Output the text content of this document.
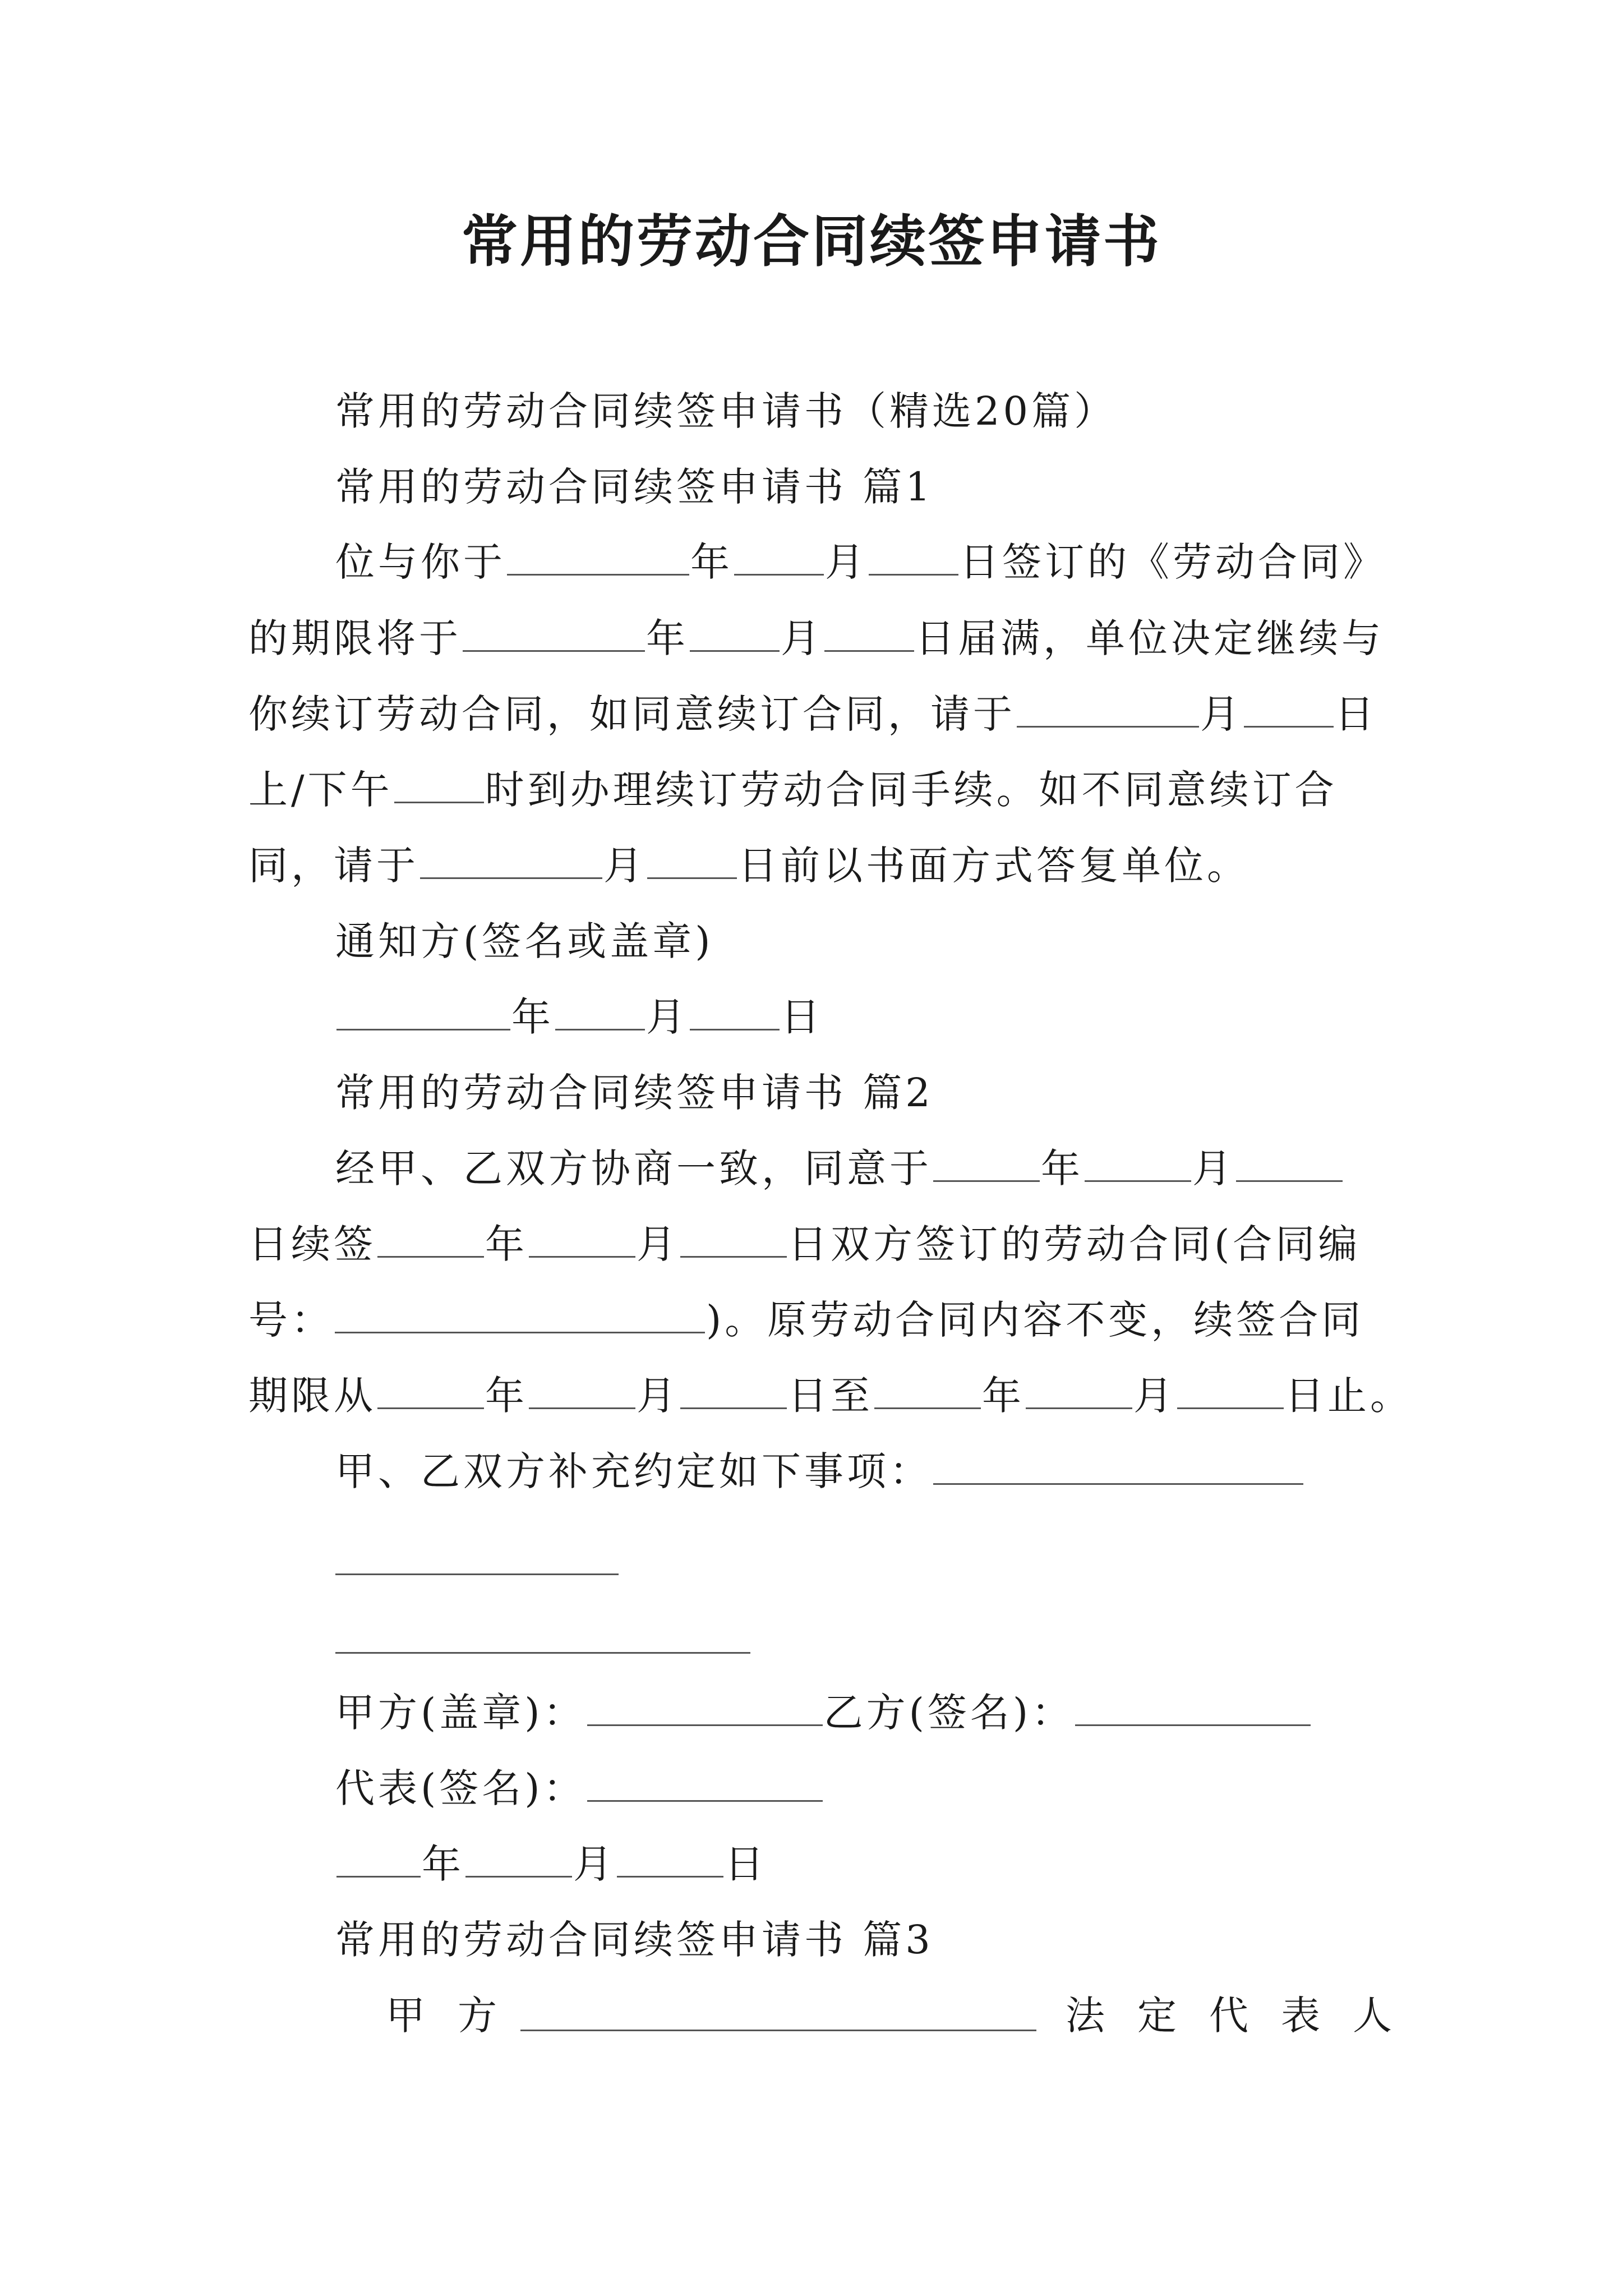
常用的劳动合同续签申请书
常用的劳动合同续签申请书（精选20篇）
常用的劳动合同续签申请书 篇1
位与你于	年 月 日签订的《劳动合同》
的期限将于	年 月 日届满，单位决定继续与
你续订劳动合同，如同意续订合同，请于	月 日
上/下午 时到办理续订劳动合同手续。如不同意续订合
同，请于	月 日前以书面方式答复单位。
通知方(签名或盖章)
年 月 日
常用的劳动合同续签申请书 篇2
经甲、乙双方协商一致，同意于	年	月
日续签	年	月	日双方签订的劳动合同(合同编
号：	)。原劳动合同内容不变，续签合同
期限从	年	月	日至	年	月	日止。
甲、乙双方补充约定如下事项：
甲方(盖章)：	乙方(签名)：
代表(签名)：
年	月	日
常用的劳动合同续签申请书 篇3
甲方	法定代表人
